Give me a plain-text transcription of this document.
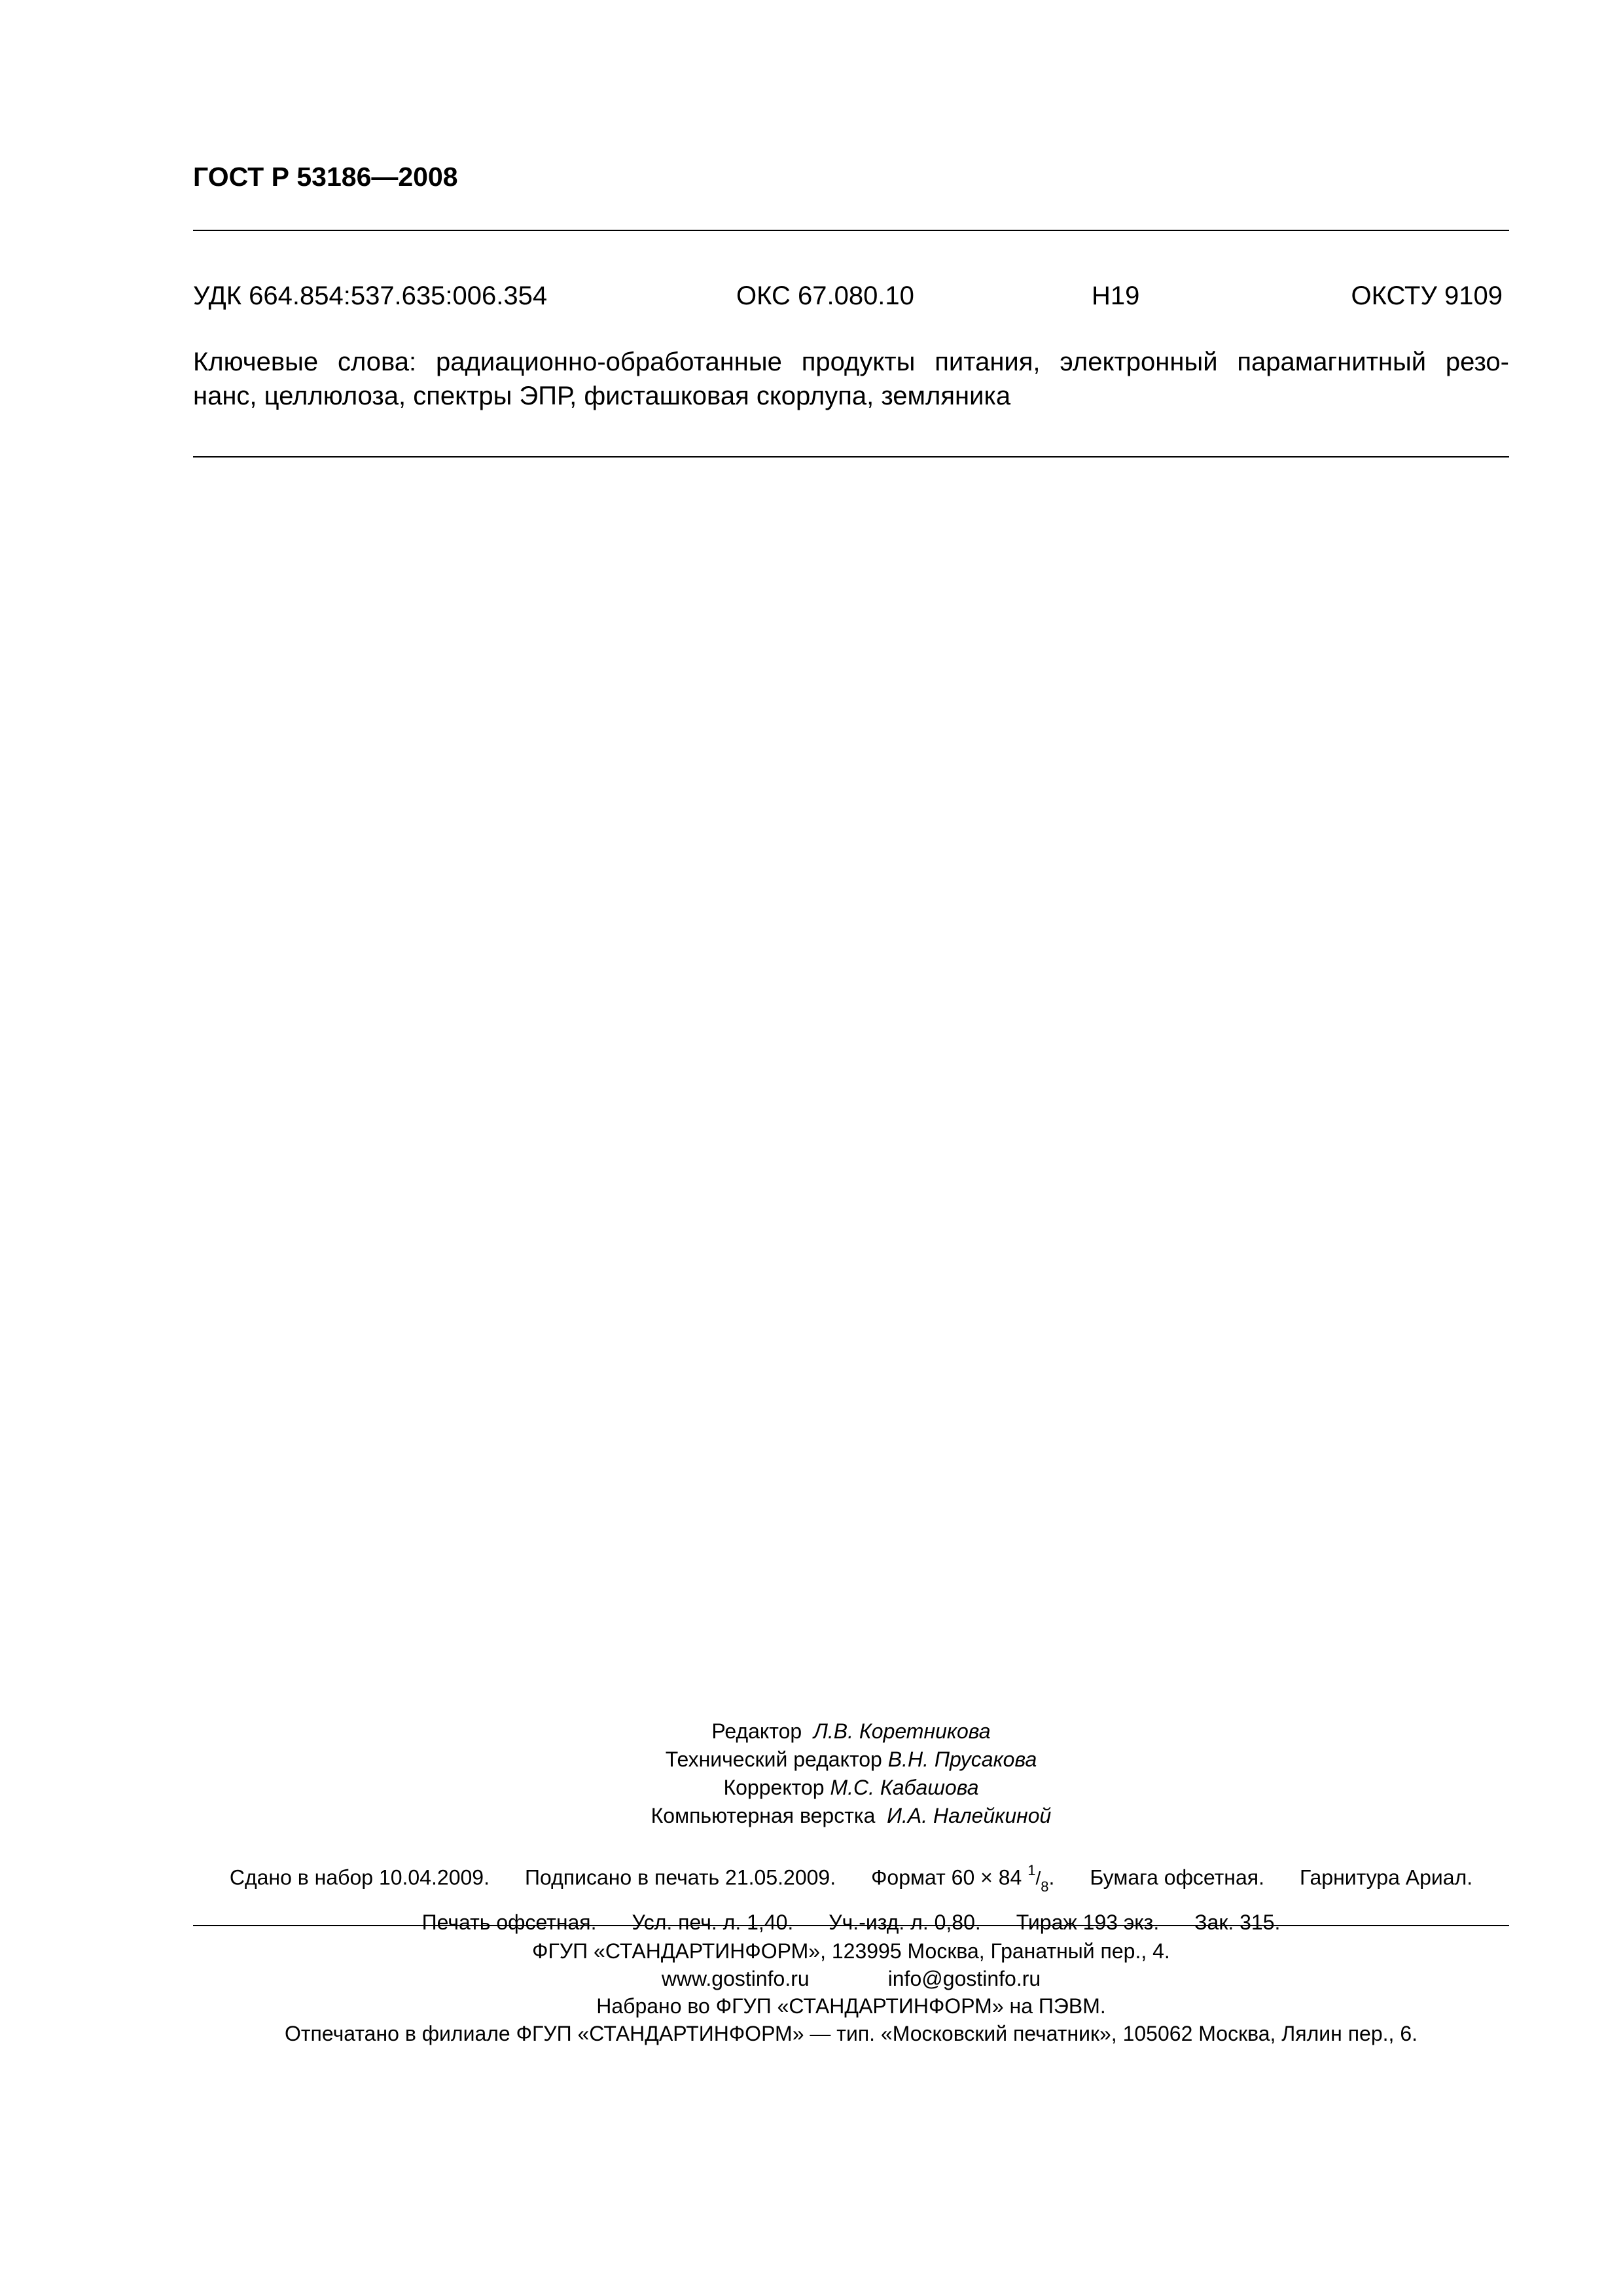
ГОСТ Р 53186—2008
УДК 664.854:537.635:006.354	ОКС 67.080.10	Н19	ОКСТУ 9109
Ключевые слова: радиационно-обработанные продукты питания, электронный парамагнитный резо-
нанс, целлюлоза, спектры ЭПР, фисташковая скорлупа, земляника
Редактор Л.В. Коретникова
Технический редактор В.Н. Прусакова
Корректор М.С. Кабашова
Компьютерная верстка И.А. Налейкиной
Сдано в набор 10.04.2009. Подписано в печать 21.05.2009. Формат 60 × 84 $^1/_8$. Бумага офсетная. Гарнитура Ариал.
Печать офсетная. Усл. печ. л. 1,40. Уч.-изд. л. 0,80. Тираж 193 экз. Зак. 315.
ФГУП «СТАНДАРТИНФОРМ», 123995 Москва, Гранатный пер., 4.
www.gostinfo.ru	info@gostinfo.ru
Набрано во ФГУП «СТАНДАРТИНФОРМ» на ПЭВМ.
Отпечатано в филиале ФГУП «СТАНДАРТИНФОРМ» — тип. «Московский печатник», 105062 Москва, Лялин пер., 6.
